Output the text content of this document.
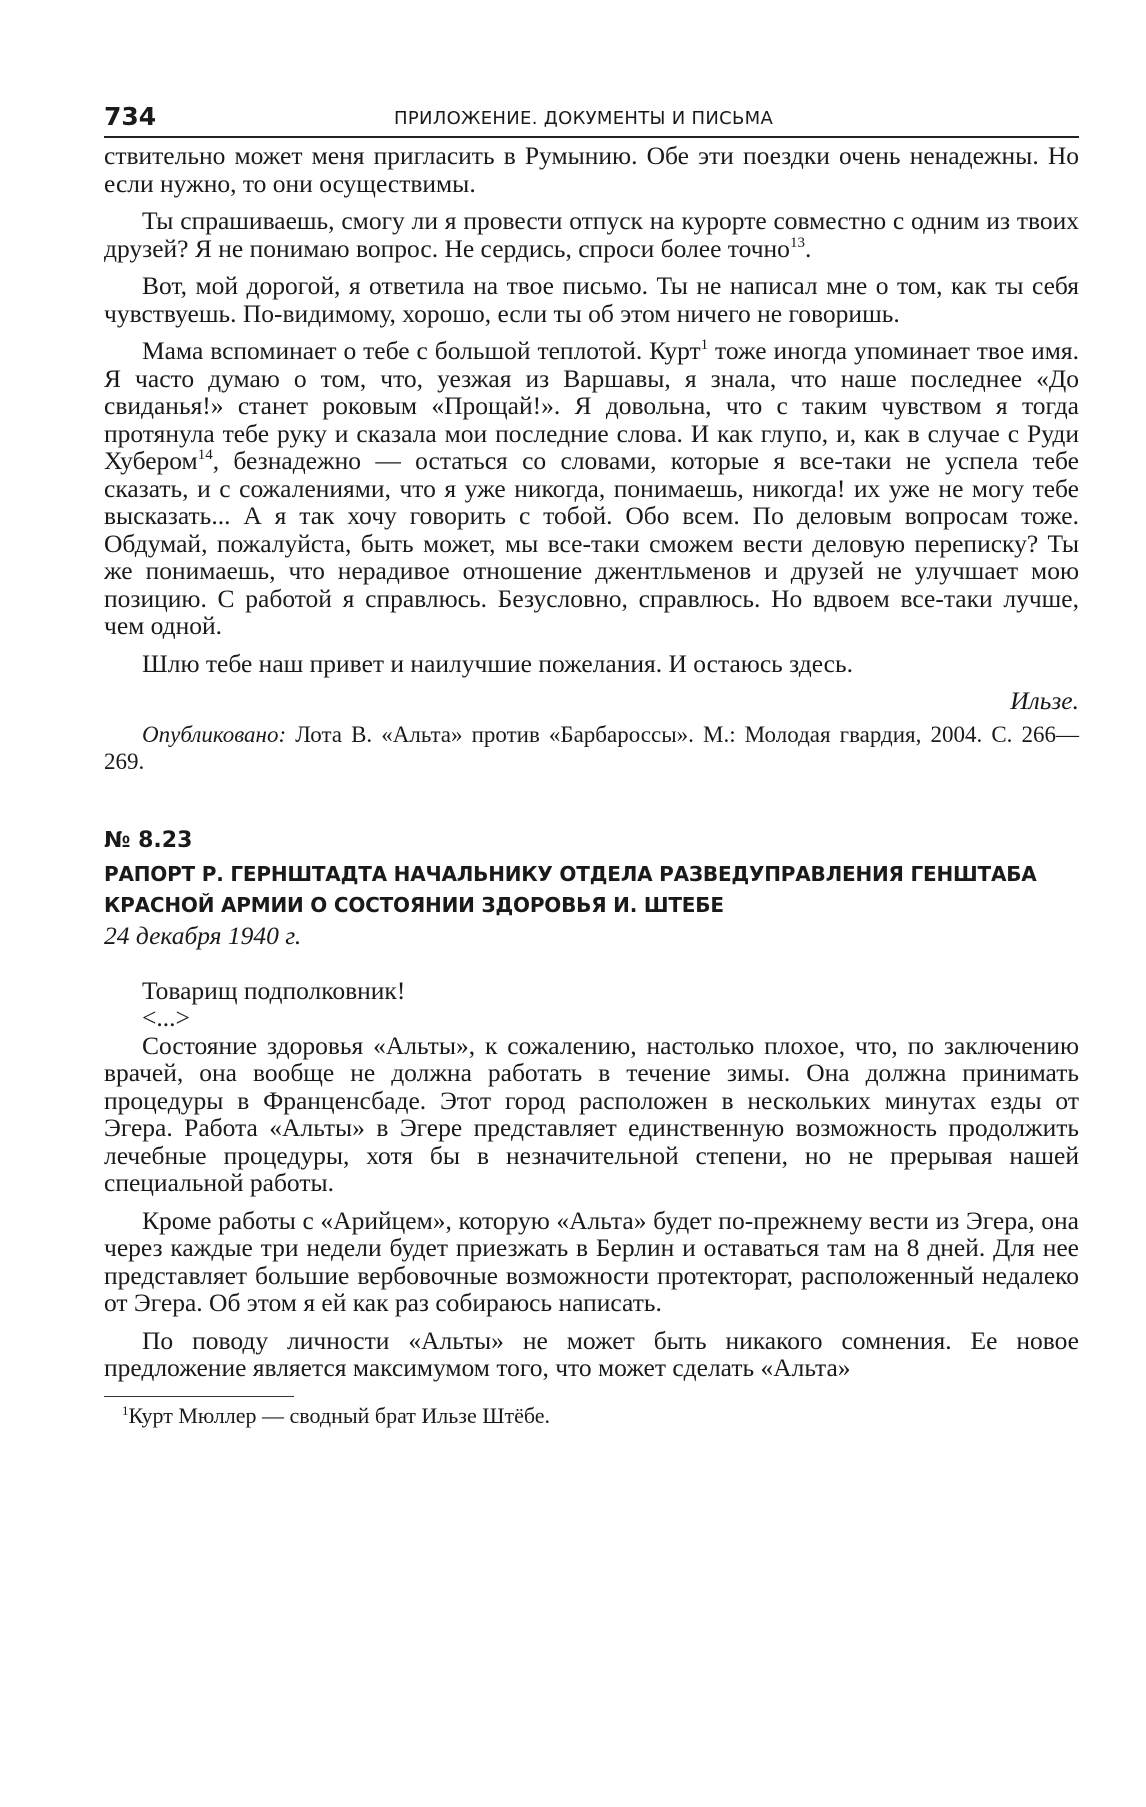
734	ПРИЛОЖЕНИЕ. ДОКУМЕНТЫ И ПИСЬМА

ствительно может меня пригласить в Румынию. Обе эти поездки очень ненадежны. Но если нужно, то они осуществимы.

Ты спрашиваешь, смогу ли я провести отпуск на курорте совместно с одним из твоих друзей? Я не понимаю вопрос. Не сердись, спроси более точно$^{13}$.

Вот, мой дорогой, я ответила на твое письмо. Ты не написал мне о том, как ты себя чувствуешь. По-видимому, хорошо, если ты об этом ничего не говоришь.

Мама вспоминает о тебе с большой теплотой. Курт$^1$ тоже иногда упоминает твое имя. Я часто думаю о том, что, уезжая из Варшавы, я знала, что наше последнее «До свиданья!» станет роковым «Прощай!». Я довольна, что с таким чувством я тогда протянула тебе руку и сказала мои последние слова. И как глупо, и, как в случае с Руди Хубером$^{14}$, безнадежно — остаться со словами, которые я все-таки не успела тебе сказать, и с сожалениями, что я уже никогда, понимаешь, никогда! их уже не могу тебе высказать... А я так хочу говорить с тобой. Обо всем. По деловым вопросам тоже. Обдумай, пожалуйста, быть может, мы все-таки сможем вести деловую переписку? Ты же понимаешь, что нерадивое отношение джентльменов и друзей не улучшает мою позицию. С работой я справлюсь. Безусловно, справлюсь. Но вдвоем все-таки лучше, чем одной.

Шлю тебе наш привет и наилучшие пожелания. И остаюсь здесь.

Ильзе.
Опубликовано: Лота В. «Альта» против «Барбароссы». М.: Молодая гвардия, 2004. С. 266—269.
№ 8.23
РАПОРТ Р. ГЕРНШТАДТА НАЧАЛЬНИКУ ОТДЕЛА РАЗВЕДУПРАВЛЕНИЯ ГЕНШТАБА
КРАСНОЙ АРМИИ О СОСТОЯНИИ ЗДОРОВЬЯ И. ШТЕБЕ
24 декабря 1940 г.

Товарищ подполковник!

<...>

Состояние здоровья «Альты», к сожалению, настолько плохое, что, по заключению врачей, она вообще не должна работать в течение зимы. Она должна принимать процедуры в Франценсбаде. Этот город расположен в нескольких минутах езды от Эгера. Работа «Альты» в Эгере представляет единственную возможность продолжить лечебные процедуры, хотя бы в незначительной степени, но не прерывая нашей специальной работы.

Кроме работы с «Арийцем», которую «Альта» будет по-прежнему вести из Эгера, она через каждые три недели будет приезжать в Берлин и оставаться там на 8 дней. Для нее представляет большие вербовочные возможности протекторат, расположенный недалеко от Эгера. Об этом я ей как раз собираюсь написать.

По поводу личности «Альты» не может быть никакого сомнения. Ее новое предложение является максимумом того, что может сделать «Альта»

$^1$Курт Мюллер — сводный брат Ильзе Штёбе.
